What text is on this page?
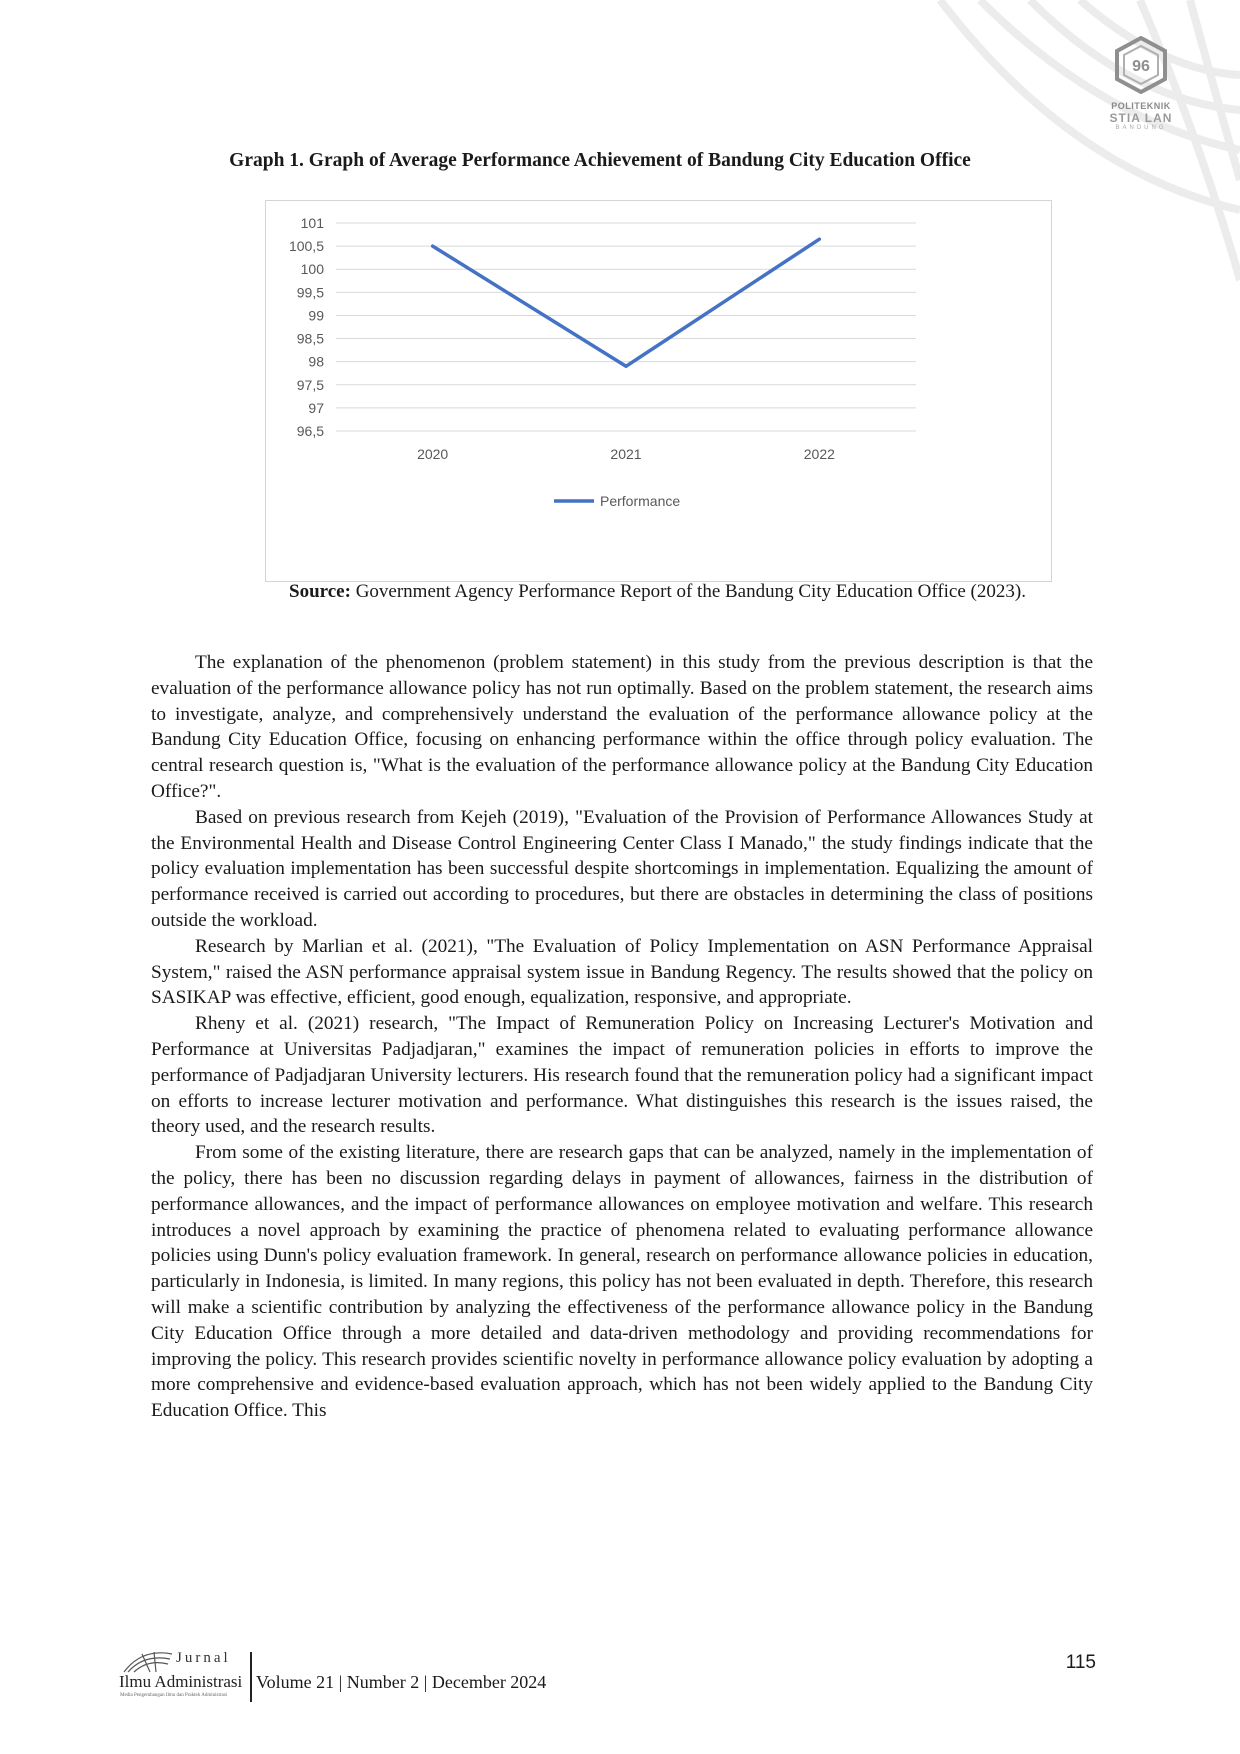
96
POLITEKNIK
STIA LAN
BANDUNG
Graph 1. Graph of Average Performance Achievement of Bandung City Education Office
101
100,5
100
99,5
99
98,5
98
97,5
97
96,5
2020	2021	2022
Performance
Source: Government Agency Performance Report of the Bandung City Education Office (2023).

The explanation of the phenomenon (problem statement) in this study from the previous description is that the evaluation of the performance allowance policy has not run optimally. Based on the problem statement, the research aims to investigate, analyze, and comprehensively understand the evaluation of the performance allowance policy at the Bandung City Education Office, focusing on enhancing performance within the office through policy evaluation. The central research question is, "What is the evaluation of the performance allowance policy at the Bandung City Education Office?".

Based on previous research from Kejeh (2019), "Evaluation of the Provision of Performance Allowances Study at the Environmental Health and Disease Control Engineering Center Class I Manado," the study findings indicate that the policy evaluation implementation has been successful despite shortcomings in implementation. Equalizing the amount of performance received is carried out according to procedures, but there are obstacles in determining the class of positions outside the workload.

Research by Marlian et al. (2021), "The Evaluation of Policy Implementation on ASN Performance Appraisal System," raised the ASN performance appraisal system issue in Bandung Regency. The results showed that the policy on SASIKAP was effective, efficient, good enough, equalization, responsive, and appropriate.

Rheny et al. (2021) research, "The Impact of Remuneration Policy on Increasing Lecturer's Motivation and Performance at Universitas Padjadjaran," examines the impact of remuneration policies in efforts to improve the performance of Padjadjaran University lecturers. His research found that the remuneration policy had a significant impact on efforts to increase lecturer motivation and performance. What distinguishes this research is the issues raised, the theory used, and the research results.

From some of the existing literature, there are research gaps that can be analyzed, namely in the implementation of the policy, there has been no discussion regarding delays in payment of allowances, fairness in the distribution of performance allowances, and the impact of performance allowances on employee motivation and welfare. This research introduces a novel approach by examining the practice of phenomena related to evaluating performance allowance policies using Dunn's policy evaluation framework. In general, research on performance allowance policies in education, particularly in Indonesia, is limited. In many regions, this policy has not been evaluated in depth. Therefore, this research will make a scientific contribution by analyzing the effectiveness of the performance allowance policy in the Bandung City Education Office through a more detailed and data-driven methodology and providing recommendations for improving the policy. This research provides scientific novelty in performance allowance policy evaluation by adopting a more comprehensive and evidence-based evaluation approach, which has not been widely applied to the Bandung City Education Office. This

115
Jurnal
Ilmu Administrasi
Media Pengembangan Ilmu dan Praktek Administrasi
Volume 21 | Number 2 | December 2024
